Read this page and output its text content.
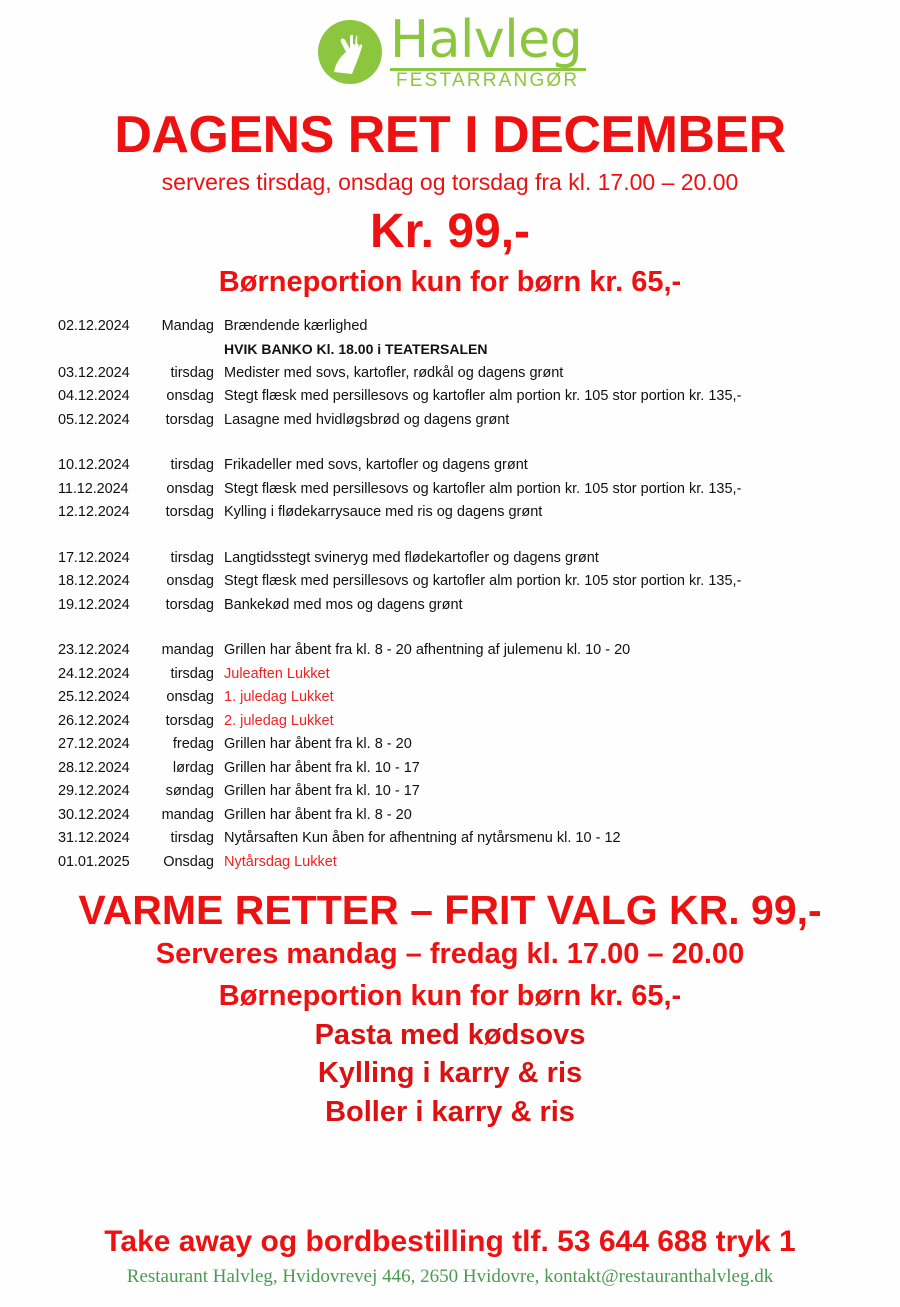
Halvleg
FESTARRANGØR
DAGENS RET I DECEMBER
serveres tirsdag, onsdag og torsdag fra kl. 17.00 – 20.00
Kr. 99,-
Børneportion kun for børn kr. 65,-
02.12.2024	Mandag Brændende kærlighed
HVIK BANKO Kl. 18.00 i TEATERSALEN
03.12.2024	tirsdag Medister med sovs, kartofler, rødkål og dagens grønt
04.12.2024	onsdag Stegt flæsk med persillesovs og kartofler alm portion kr. 105 stor portion kr. 135,-
05.12.2024	torsdag Lasagne med hvidløgsbrød og dagens grønt
10.12.2024	tirsdag Frikadeller med sovs, kartofler og dagens grønt
11.12.2024	onsdag Stegt flæsk med persillesovs og kartofler alm portion kr. 105 stor portion kr. 135,-
12.12.2024	torsdag Kylling i flødekarrysauce med ris og dagens grønt
17.12.2024	tirsdag Langtidsstegt svineryg med flødekartofler og dagens grønt
18.12.2024	onsdag Stegt flæsk med persillesovs og kartofler alm portion kr. 105 stor portion kr. 135,-
19.12.2024	torsdag Bankekød med mos og dagens grønt
23.12.2024	mandag Grillen har åbent fra kl. 8 - 20 afhentning af julemenu kl. 10 - 20
24.12.2024	tirsdag Juleaften Lukket
25.12.2024	onsdag 1. juledag Lukket
26.12.2024	torsdag 2. juledag Lukket
27.12.2024	fredag Grillen har åbent fra kl. 8 - 20
28.12.2024	lørdag Grillen har åbent fra kl. 10 - 17
29.12.2024	søndag Grillen har åbent fra kl. 10 - 17
30.12.2024	mandag Grillen har åbent fra kl. 8 - 20
31.12.2024	tirsdag Nytårsaften Kun åben for afhentning af nytårsmenu kl. 10 - 12
01.01.2025	Onsdag Nytårsdag Lukket
VARME RETTER – FRIT VALG KR. 99,-
Serveres mandag – fredag kl. 17.00 – 20.00
Børneportion kun for børn kr. 65,-
Pasta med kødsovs
Kylling i karry & ris
Boller i karry & ris
Take away og bordbestilling tlf. 53 644 688 tryk 1
Restaurant Halvleg, Hvidovrevej 446, 2650 Hvidovre, kontakt@restauranthalvleg.dk
